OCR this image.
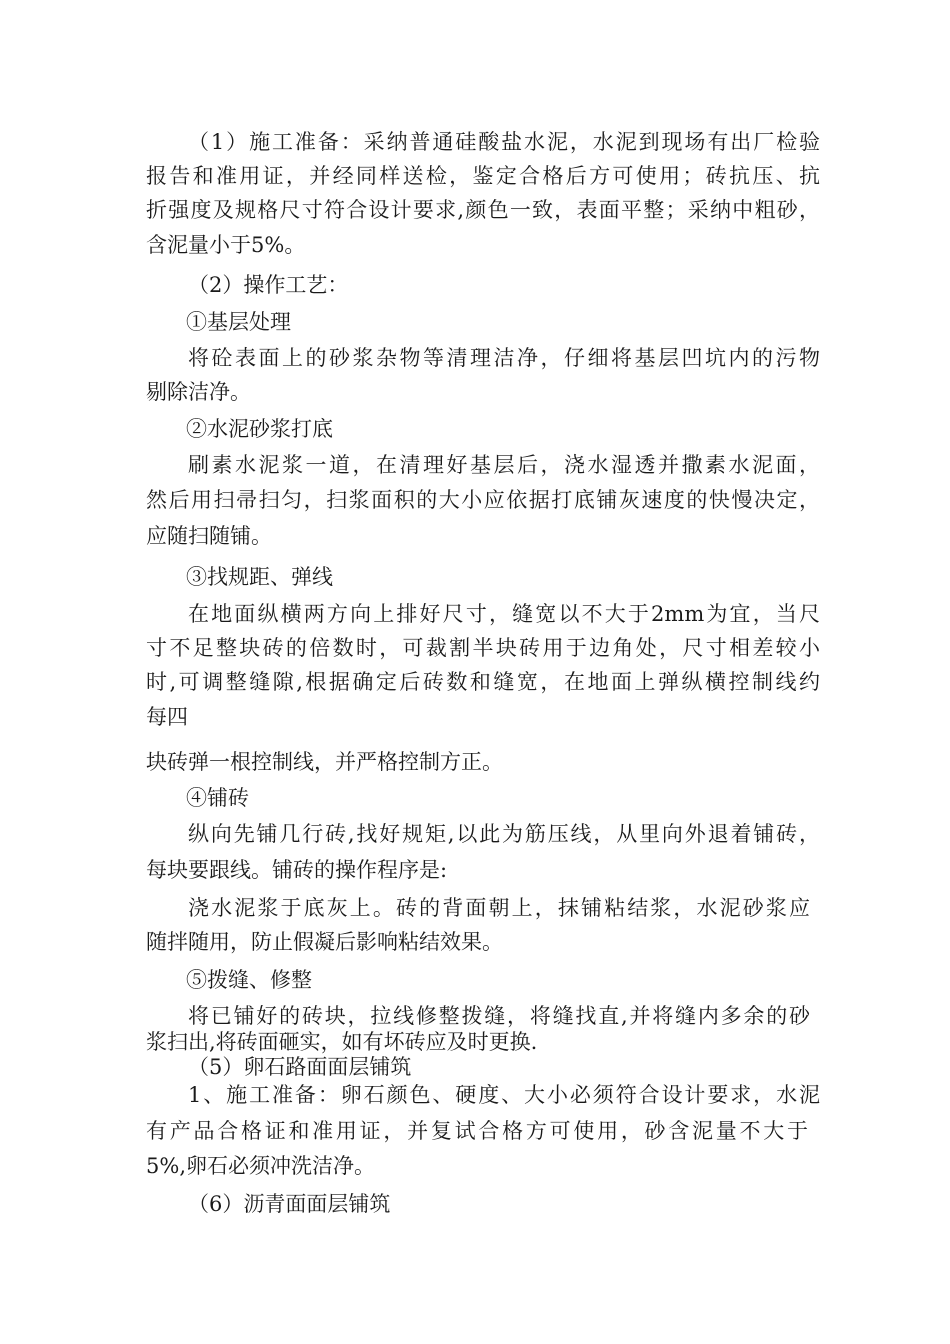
（1）施工准备：采纳普通硅酸盐水泥，水泥到现场有出厂检验
报告和准用证，并经同样送检，鉴定合格后方可使用；砖抗压、抗
折强度及规格尺寸符合设计要求,颜色一致，表面平整；采纳中粗砂，
含泥量小于5%。
（2）操作工艺：
①基层处理
将砼表面上的砂浆杂物等清理洁净，仔细将基层凹坑内的污物
剔除洁净。
②水泥砂浆打底
刷素水泥浆一道，在清理好基层后，浇水湿透并撒素水泥面，
然后用扫帚扫匀，扫浆面积的大小应依据打底铺灰速度的快慢决定，
应随扫随铺。
③找规距、弹线
在地面纵横两方向上排好尺寸，缝宽以不大于2mm为宜，当尺
寸不足整块砖的倍数时，可裁割半块砖用于边角处，尺寸相差较小
时,可调整缝隙,根据确定后砖数和缝宽，在地面上弹纵横控制线约
每四
块砖弹一根控制线，并严格控制方正。
④铺砖
纵向先铺几行砖,找好规矩,以此为筋压线，从里向外退着铺砖，
每块要跟线。铺砖的操作程序是:
浇水泥浆于底灰上。砖的背面朝上，抹铺粘结浆，水泥砂浆应
随拌随用，防止假凝后影响粘结效果。
⑤拨缝、修整
将已铺好的砖块，拉线修整拨缝，将缝找直,并将缝内多余的砂
浆扫出,将砖面砸实，如有坏砖应及时更换.
（5）卵石路面面层铺筑
1、施工准备：卵石颜色、硬度、大小必须符合设计要求，水泥
有产品合格证和准用证，并复试合格方可使用，砂含泥量不大于
5%,卵石必须冲洗洁净。
（6）沥青面面层铺筑
